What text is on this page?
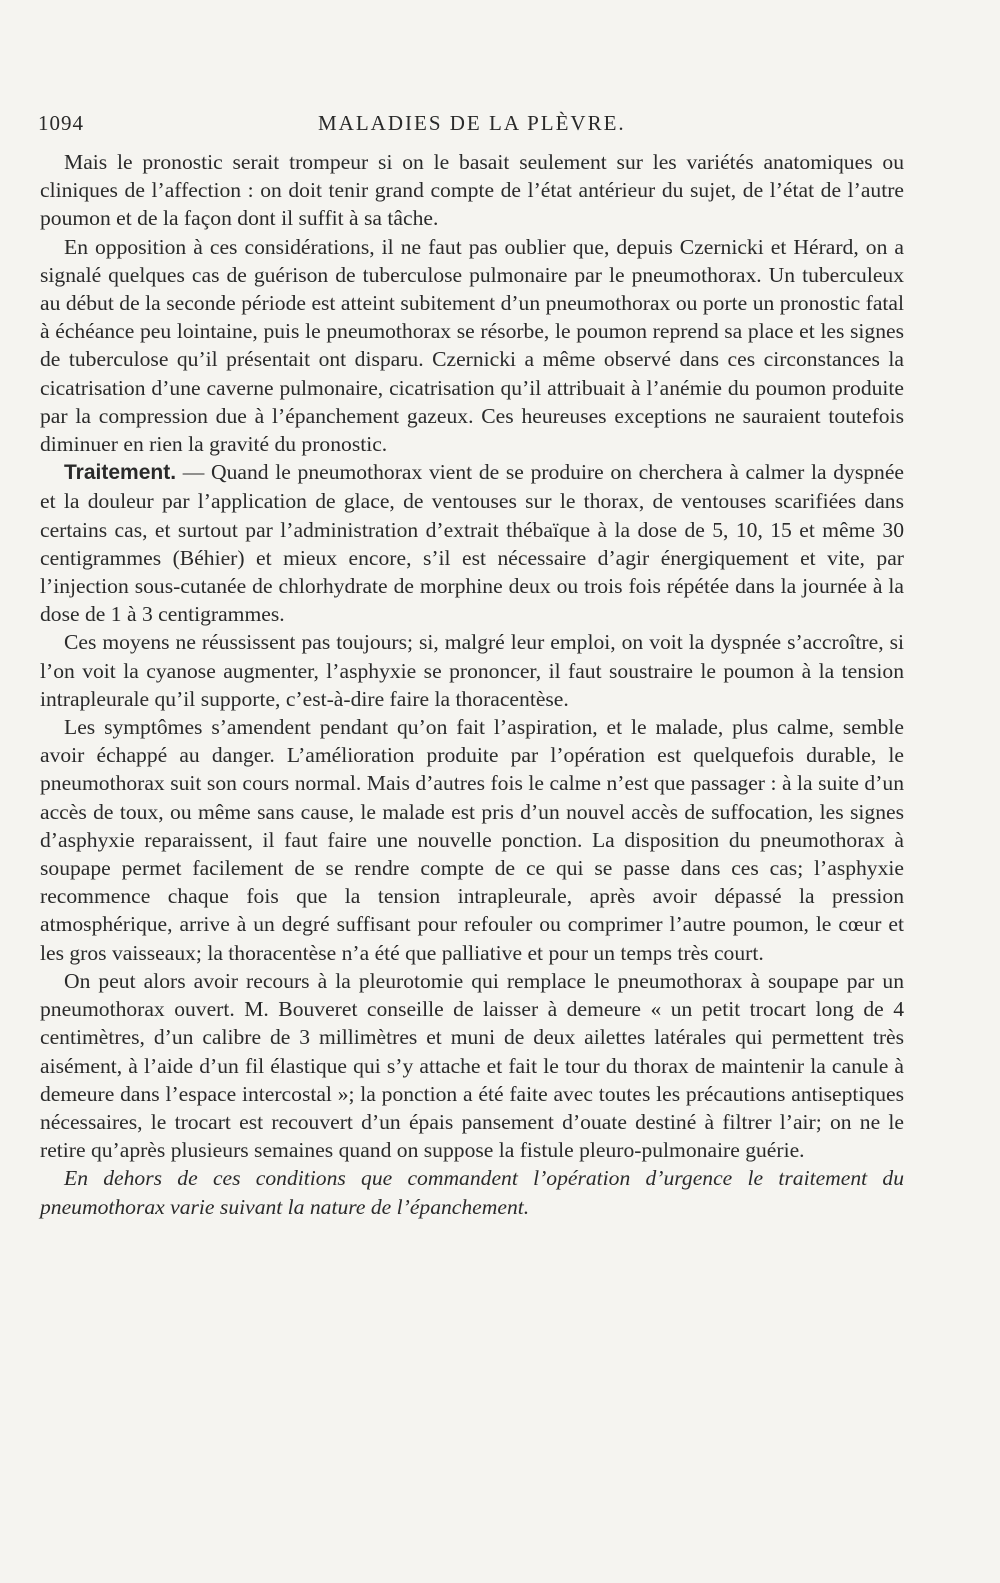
1094	MALADIES DE LA PLÈVRE.

Mais le pronostic serait trompeur si on le basait seulement sur les variétés anatomiques ou cliniques de l’affection : on doit tenir grand compte de l’état antérieur du sujet, de l’état de l’autre poumon et de la façon dont il suffit à sa tâche.

En opposition à ces considérations, il ne faut pas oublier que, depuis Czernicki et Hérard, on a signalé quelques cas de guérison de tuberculose pulmonaire par le pneumothorax. Un tuberculeux au début de la seconde période est atteint subitement d’un pneumothorax ou porte un pronostic fatal à échéance peu lointaine, puis le pneumothorax se résorbe, le poumon reprend sa place et les signes de tuberculose qu’il présentait ont disparu. Czernicki a même observé dans ces circonstances la cicatrisation d’une caverne pulmonaire, cicatrisation qu’il attribuait à l’anémie du poumon produite par la compression due à l’épanchement gazeux. Ces heureuses exceptions ne sauraient toutefois diminuer en rien la gravité du pronostic.

Traitement. — Quand le pneumothorax vient de se produire on cherchera à calmer la dyspnée et la douleur par l’application de glace, de ventouses sur le thorax, de ventouses scarifiées dans certains cas, et surtout par l’administration d’extrait thébaïque à la dose de 5, 10, 15 et même 30 centigrammes (Béhier) et mieux encore, s’il est nécessaire d’agir énergiquement et vite, par l’injection sous-cutanée de chlorhydrate de morphine deux ou trois fois répétée dans la journée à la dose de 1 à 3 centigrammes.

Ces moyens ne réussissent pas toujours; si, malgré leur emploi, on voit la dyspnée s’accroître, si l’on voit la cyanose augmenter, l’asphyxie se prononcer, il faut soustraire le poumon à la tension intrapleurale qu’il supporte, c’est-à-dire faire la thoracentèse.

Les symptômes s’amendent pendant qu’on fait l’aspiration, et le malade, plus calme, semble avoir échappé au danger. L’amélioration produite par l’opération est quelquefois durable, le pneumothorax suit son cours normal. Mais d’autres fois le calme n’est que passager : à la suite d’un accès de toux, ou même sans cause, le malade est pris d’un nouvel accès de suffocation, les signes d’asphyxie reparaissent, il faut faire une nouvelle ponction. La disposition du pneumothorax à soupape permet facilement de se rendre compte de ce qui se passe dans ces cas; l’asphyxie recommence chaque fois que la tension intrapleurale, après avoir dépassé la pression atmosphérique, arrive à un degré suffisant pour refouler ou comprimer l’autre poumon, le cœur et les gros vaisseaux; la thoracentèse n’a été que palliative et pour un temps très court.

On peut alors avoir recours à la pleurotomie qui remplace le pneumothorax à soupape par un pneumothorax ouvert. M. Bouveret conseille de laisser à demeure « un petit trocart long de 4 centimètres, d’un calibre de 3 millimètres et muni de deux ailettes latérales qui permettent très aisément, à l’aide d’un fil élastique qui s’y attache et fait le tour du thorax de maintenir la canule à demeure dans l’espace intercostal »; la ponction a été faite avec toutes les précautions antiseptiques nécessaires, le trocart est recouvert d’un épais pansement d’ouate destiné à filtrer l’air; on ne le retire qu’après plusieurs semaines quand on suppose la fistule pleuro-pulmonaire guérie.

En dehors de ces conditions que commandent l’opération d’urgence le traitement du pneumothorax varie suivant la nature de l’épanchement.
